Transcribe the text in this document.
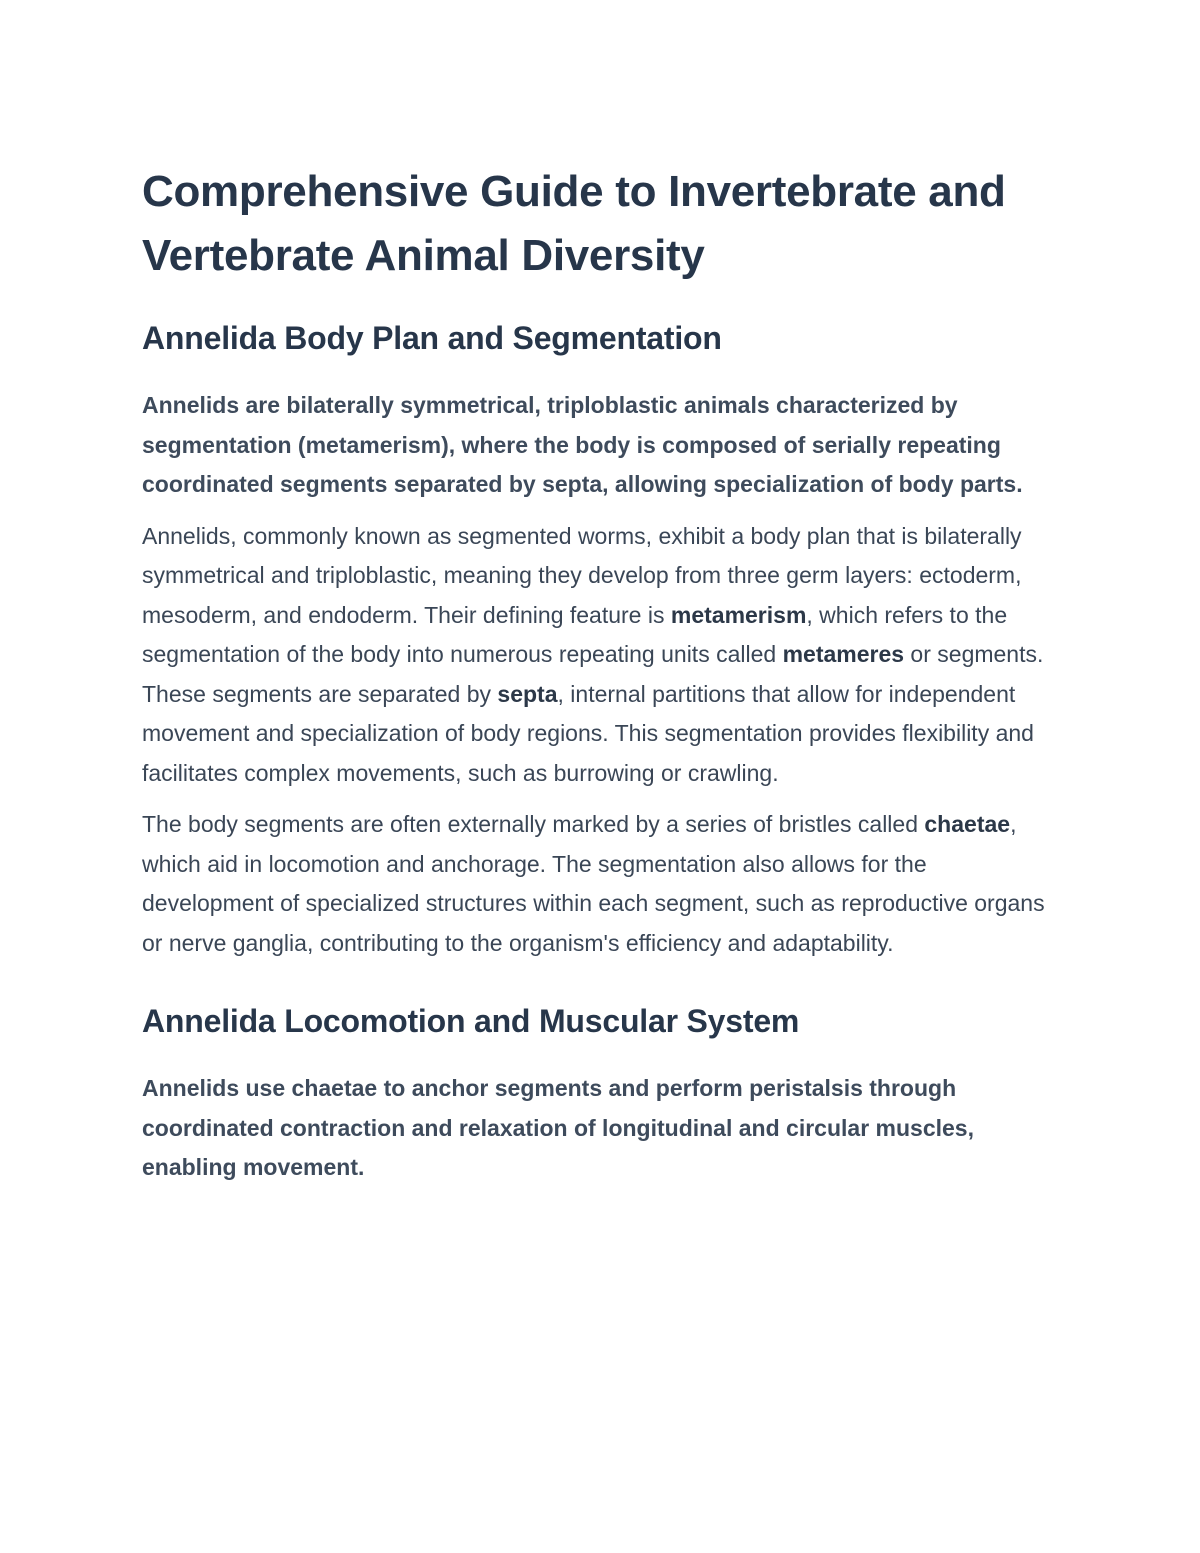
Comprehensive Guide to Invertebrate and Vertebrate Animal Diversity
Annelida Body Plan and Segmentation

Annelids are bilaterally symmetrical, triploblastic animals characterized by segmentation (metamerism), where the body is composed of serially repeating coordinated segments separated by septa, allowing specialization of body parts.

Annelids, commonly known as segmented worms, exhibit a body plan that is bilaterally symmetrical and triploblastic, meaning they develop from three germ layers: ectoderm, mesoderm, and endoderm. Their defining feature is metamerism, which refers to the segmentation of the body into numerous repeating units called metameres or segments. These segments are separated by septa, internal partitions that allow for independent movement and specialization of body regions. This segmentation provides flexibility and facilitates complex movements, such as burrowing or crawling.

The body segments are often externally marked by a series of bristles called chaetae, which aid in locomotion and anchorage. The segmentation also allows for the development of specialized structures within each segment, such as reproductive organs or nerve ganglia, contributing to the organism's efficiency and adaptability.

Annelida Locomotion and Muscular System

Annelids use chaetae to anchor segments and perform peristalsis through coordinated contraction and relaxation of longitudinal and circular muscles, enabling movement.
